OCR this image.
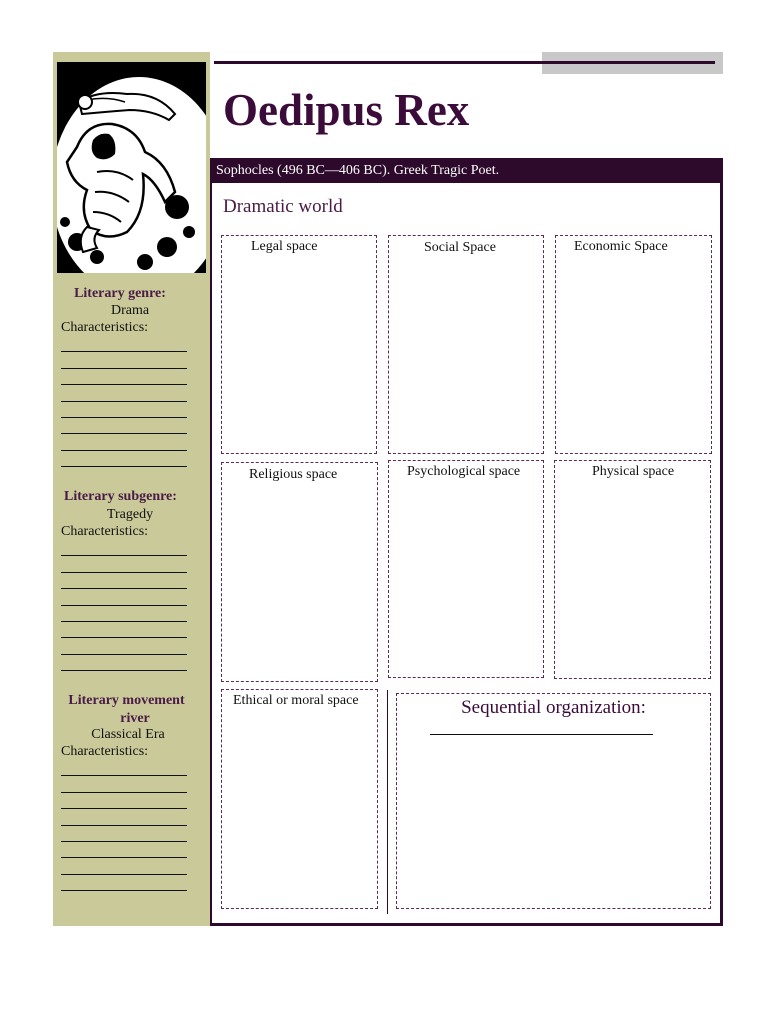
Literary genre:
Drama
Characteristics:
Literary subgenre:
Tragedy
Characteristics:
Literary movement
river
Classical Era
Characteristics:
Oedipus Rex
Sophocles (496 BC—406 BC). Greek Tragic Poet.
Dramatic world
Legal space	Social Space	Economic Space
Religious space	Psychological space	Physical space
Ethical or moral space	Sequential organization:
